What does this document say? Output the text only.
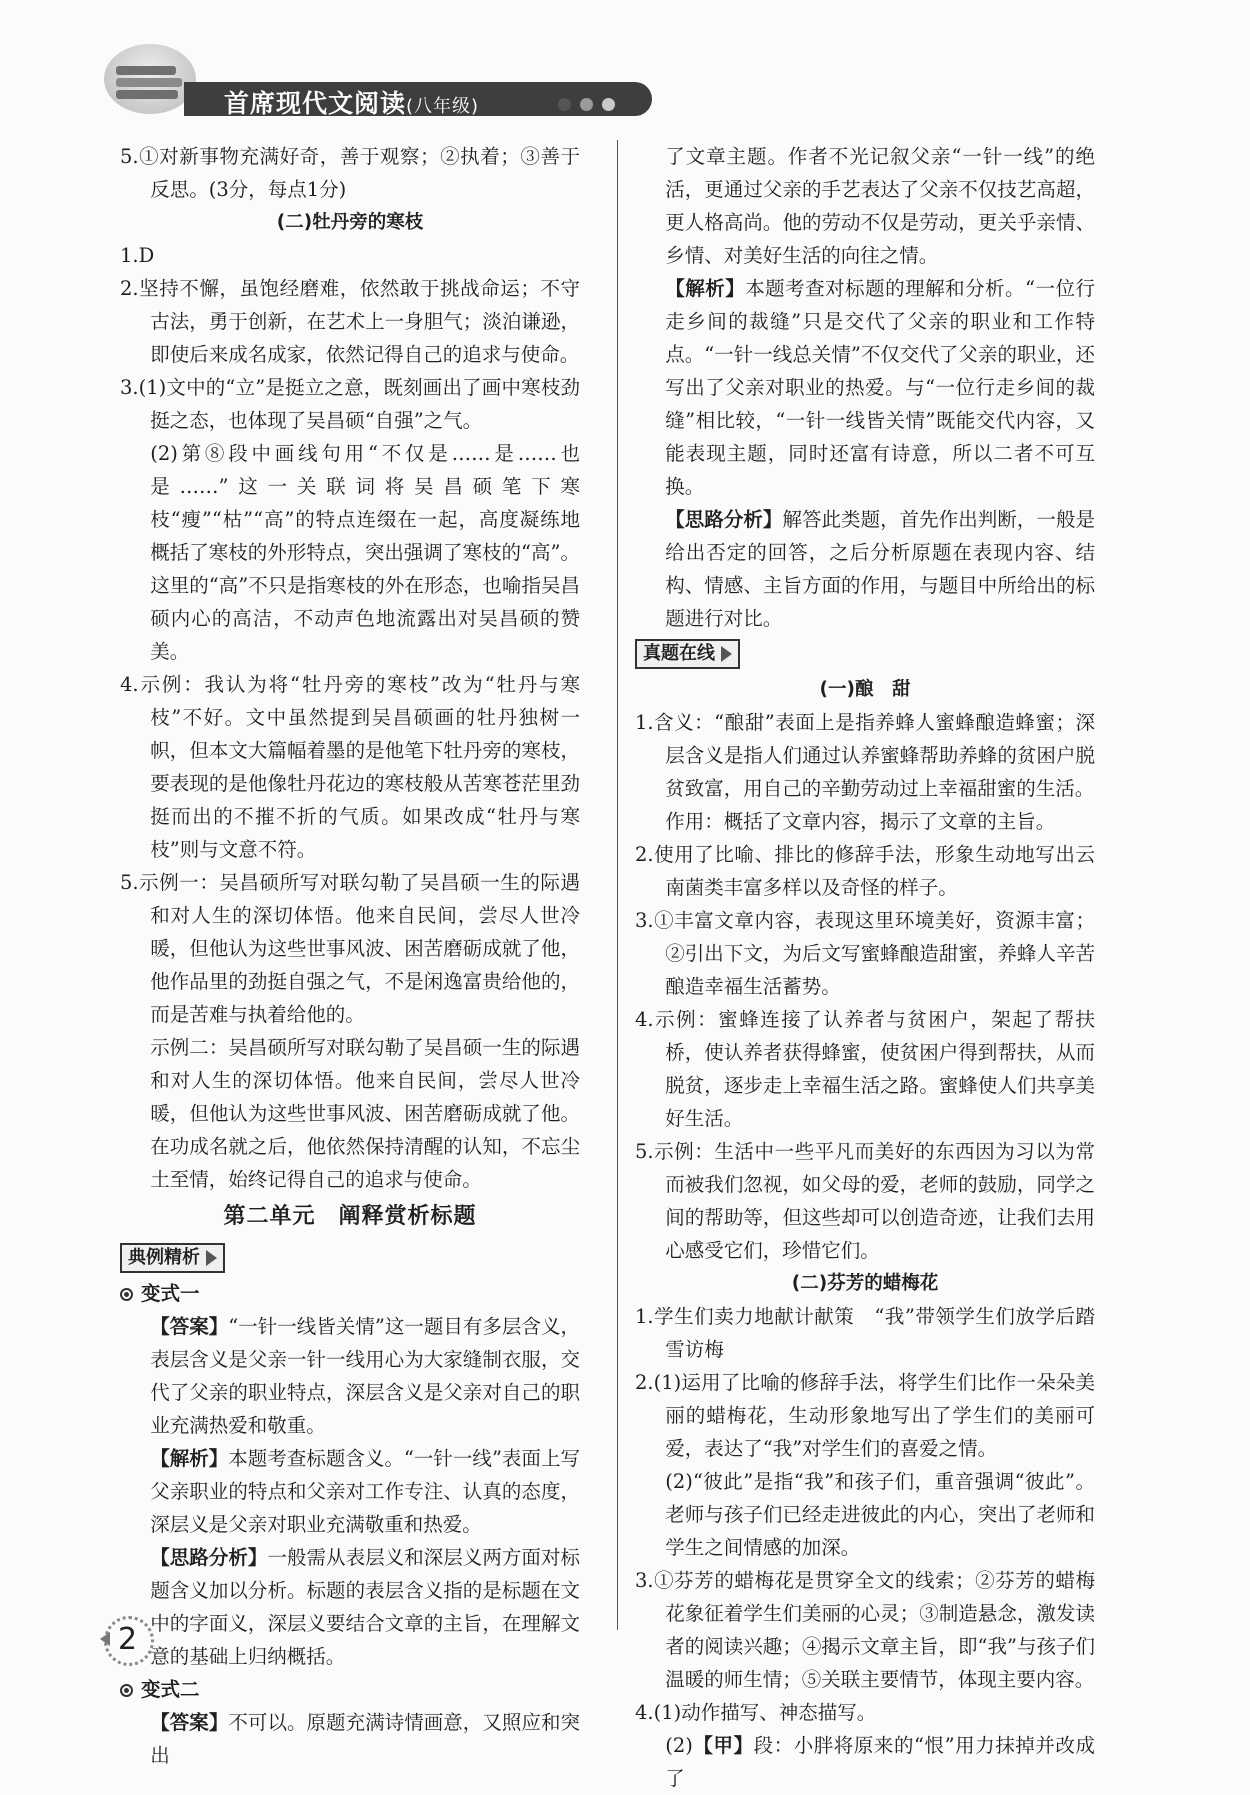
首席现代文阅读(八年级)

5.①对新事物充满好奇，善于观察；②执着；③善于反思。(3分，每点1分)

(二)牡丹旁的寒枝

1.D

2.坚持不懈，虽饱经磨难，依然敢于挑战命运；不守古法，勇于创新，在艺术上一身胆气；淡泊谦逊，即使后来成名成家，依然记得自己的追求与使命。

3.(1)文中的“立”是挺立之意，既刻画出了画中寒枝劲挺之态，也体现了吴昌硕“自强”之气。

(2)第⑧段中画线句用“不仅是……是……也是……”这一关联词将吴昌硕笔下寒枝“瘦”“枯”“高”的特点连缀在一起，高度凝练地概括了寒枝的外形特点，突出强调了寒枝的“高”。这里的“高”不只是指寒枝的外在形态，也喻指吴昌硕内心的高洁，不动声色地流露出对吴昌硕的赞美。

4.示例：我认为将“牡丹旁的寒枝”改为“牡丹与寒枝”不好。文中虽然提到吴昌硕画的牡丹独树一帜，但本文大篇幅着墨的是他笔下牡丹旁的寒枝，要表现的是他像牡丹花边的寒枝般从苦寒苍茫里劲挺而出的不摧不折的气质。如果改成“牡丹与寒枝”则与文意不符。

5.示例一：吴昌硕所写对联勾勒了吴昌硕一生的际遇和对人生的深切体悟。他来自民间，尝尽人世冷暖，但他认为这些世事风波、困苦磨砺成就了他，他作品里的劲挺自强之气，不是闲逸富贵给他的，而是苦难与执着给他的。

示例二：吴昌硕所写对联勾勒了吴昌硕一生的际遇和对人生的深切体悟。他来自民间，尝尽人世冷暖，但他认为这些世事风波、困苦磨砺成就了他。在功成名就之后，他依然保持清醒的认知，不忘尘土至情，始终记得自己的追求与使命。

第二单元　阐释赏析标题

典例精析

变式一

【答案】“一针一线皆关情”这一题目有多层含义，表层含义是父亲一针一线用心为大家缝制衣服，交代了父亲的职业特点，深层含义是父亲对自己的职业充满热爱和敬重。

【解析】本题考查标题含义。“一针一线”表面上写父亲职业的特点和父亲对工作专注、认真的态度，深层义是父亲对职业充满敬重和热爱。

【思路分析】一般需从表层义和深层义两方面对标题含义加以分析。标题的表层含义指的是标题在文中的字面义，深层义要结合文章的主旨，在理解文意的基础上归纳概括。

变式二

【答案】不可以。原题充满诗情画意，又照应和突出

了文章主题。作者不光记叙父亲“一针一线”的绝活，更通过父亲的手艺表达了父亲不仅技艺高超，更人格高尚。他的劳动不仅是劳动，更关乎亲情、乡情、对美好生活的向往之情。

【解析】本题考查对标题的理解和分析。“一位行走乡间的裁缝”只是交代了父亲的职业和工作特点。“一针一线总关情”不仅交代了父亲的职业，还写出了父亲对职业的热爱。与“一位行走乡间的裁缝”相比较，“一针一线皆关情”既能交代内容，又能表现主题，同时还富有诗意，所以二者不可互换。

【思路分析】解答此类题，首先作出判断，一般是给出否定的回答，之后分析原题在表现内容、结构、情感、主旨方面的作用，与题目中所给出的标题进行对比。

真题在线

(一)酿　甜

1.含义：“酿甜”表面上是指养蜂人蜜蜂酿造蜂蜜；深层含义是指人们通过认养蜜蜂帮助养蜂的贫困户脱贫致富，用自己的辛勤劳动过上幸福甜蜜的生活。

作用：概括了文章内容，揭示了文章的主旨。

2.使用了比喻、排比的修辞手法，形象生动地写出云南菌类丰富多样以及奇怪的样子。

3.①丰富文章内容，表现这里环境美好，资源丰富；②引出下文，为后文写蜜蜂酿造甜蜜，养蜂人辛苦酿造幸福生活蓄势。

4.示例：蜜蜂连接了认养者与贫困户，架起了帮扶桥，使认养者获得蜂蜜，使贫困户得到帮扶，从而脱贫，逐步走上幸福生活之路。蜜蜂使人们共享美好生活。

5.示例：生活中一些平凡而美好的东西因为习以为常而被我们忽视，如父母的爱，老师的鼓励，同学之间的帮助等，但这些却可以创造奇迹，让我们去用心感受它们，珍惜它们。

(二)芬芳的蜡梅花

1.学生们卖力地献计献策　“我”带领学生们放学后踏雪访梅

2.(1)运用了比喻的修辞手法，将学生们比作一朵朵美丽的蜡梅花，生动形象地写出了学生们的美丽可爱，表达了“我”对学生们的喜爱之情。

(2)“彼此”是指“我”和孩子们，重音强调“彼此”。老师与孩子们已经走进彼此的内心，突出了老师和学生之间情感的加深。

3.①芬芳的蜡梅花是贯穿全文的线索；②芬芳的蜡梅花象征着学生们美丽的心灵；③制造悬念，激发读者的阅读兴趣；④揭示文章主旨，即“我”与孩子们温暖的师生情；⑤关联主要情节，体现主要内容。

4.(1)动作描写、神态描写。

(2)【甲】段：小胖将原来的“恨”用力抹掉并改成了

2
